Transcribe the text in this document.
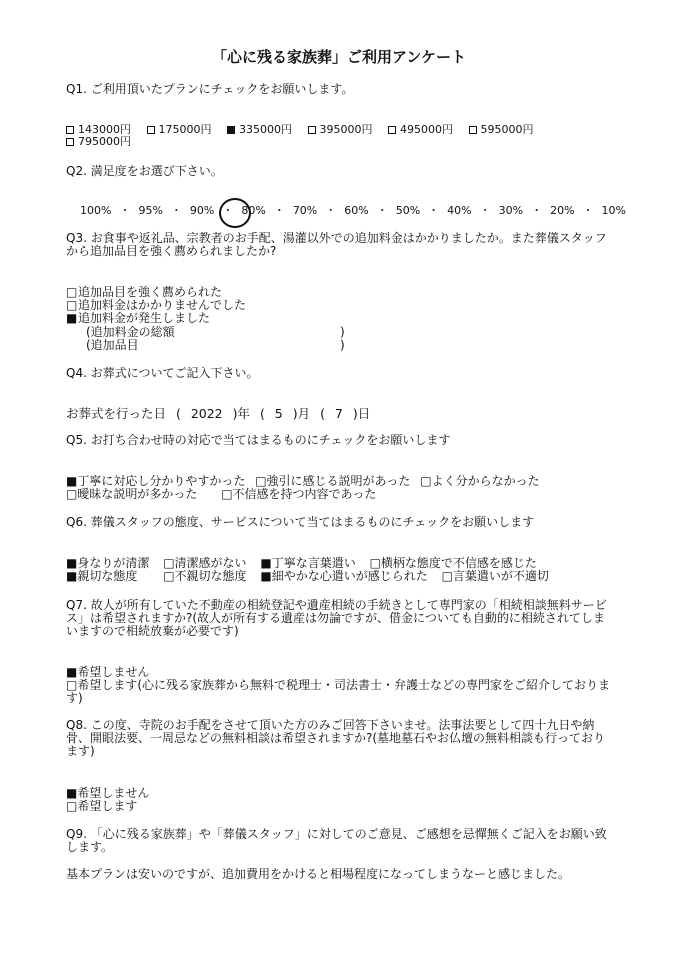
「心に残る家族葬」ご利用アンケート
Q1. ご利用頂いたプランにチェックをお願いします。
143000円	175000円	335000円	395000円	495000円	595000円
795000円
Q2. 満足度をお選び下さい。
100% ・ 95% ・ 90% ・ 80% ・ 70% ・ 60% ・ 50% ・ 40% ・ 30% ・ 20% ・ 10%
Q3. お食事や返礼品、宗教者のお手配、湯灌以外での追加料金はかかりましたか。また葬儀スタッフから追加品目を強く薦められましたか?
□追加品目を強く薦められた
□追加料金はかかりませんでした
■追加料金が発生しました
(追加料金の総額	)
(追加品目	)
Q4. お葬式についてご記入下さい。
お葬式を行った日 ( 2022 )年 ( 5 )月 ( 7 )日
Q5. お打ち合わせ時の対応で当てはまるものにチェックをお願いします
■丁寧に対応し分かりやすかった □強引に感じる説明があった □よく分からなかった
□曖昧な説明が多かった □不信感を持つ内容であった
Q6. 葬儀スタッフの態度、サービスについて当てはまるものにチェックをお願いします
■身なりが清潔 □清潔感がない ■丁寧な言葉遣い □横柄な態度で不信感を感じた
■親切な態度 □不親切な態度 ■細やかな心遣いが感じられた □言葉遣いが不適切
Q7. 故人が所有していた不動産の相続登記や遺産相続の手続きとして専門家の「相続相談無料サービス」は希望されますか?(故人が所有する遺産は勿論ですが、借金についても自動的に相続されてしまいますので相続放棄が必要です)
■希望しません
□希望します(心に残る家族葬から無料で税理士・司法書士・弁護士などの専門家をご紹介しております)
Q8. この度、寺院のお手配をさせて頂いた方のみご回答下さいませ。法事法要として四十九日や納骨、開眼法要、一周忌などの無料相談は希望されますか?(墓地墓石やお仏壇の無料相談も行っております)
■希望しません
□希望します
Q9. 「心に残る家族葬」や「葬儀スタッフ」に対してのご意見、ご感想を忌憚無くご記入をお願い致します。
基本プランは安いのですが、追加費用をかけると相場程度になってしまうなーと感じました。
